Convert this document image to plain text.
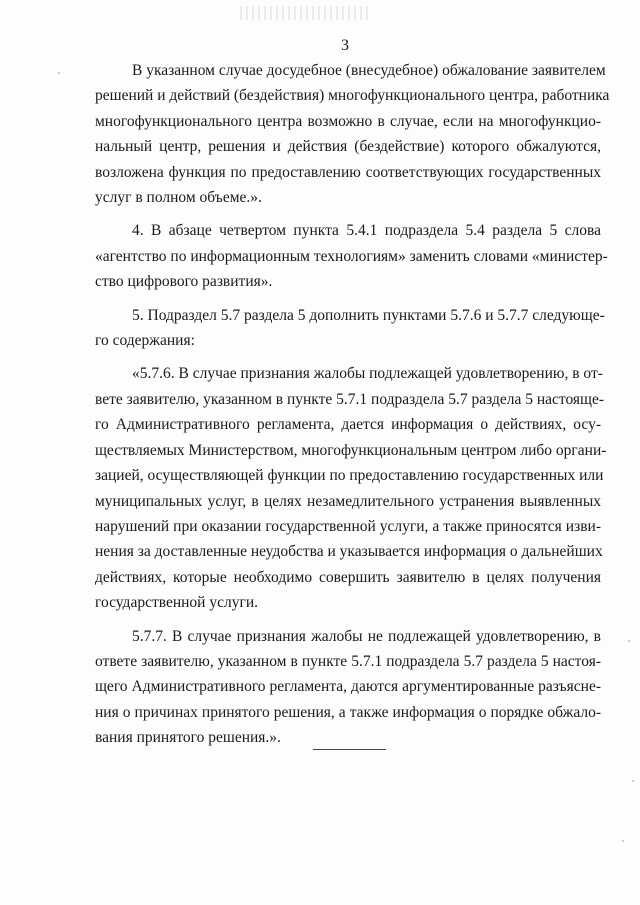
3
В указанном случае досудебное (внесудебное) обжалование заявителем
решений и действий (бездействия) многофункционального центра, работника
многофункционального центра возможно в случае, если на многофункцио-
нальный центр, решения и действия (бездействие) которого обжалуются,
возложена функция по предоставлению соответствующих государственных
услуг в полном объеме.».
4. В абзаце четвертом пункта 5.4.1 подраздела 5.4 раздела 5 слова
«агентство по информационным технологиям» заменить словами «министер-
ство цифрового развития».
5. Подраздел 5.7 раздела 5 дополнить пунктами 5.7.6 и 5.7.7 следующе-
го содержания:
«5.7.6. В случае признания жалобы подлежащей удовлетворению, в от-
вете заявителю, указанном в пункте 5.7.1 подраздела 5.7 раздела 5 настояще-
го Административного регламента, дается информация о действиях, осу-
ществляемых Министерством, многофункциональным центром либо органи-
зацией, осуществляющей функции по предоставлению государственных или
муниципальных услуг, в целях незамедлительного устранения выявленных
нарушений при оказании государственной услуги, а также приносятся изви-
нения за доставленные неудобства и указывается информация о дальнейших
действиях, которые необходимо совершить заявителю в целях получения
государственной услуги.
5.7.7. В случае признания жалобы не подлежащей удовлетворению, в
ответе заявителю, указанном в пункте 5.7.1 подраздела 5.7 раздела 5 настоя-
щего Административного регламента, даются аргументированные разъясне-
ния о причинах принятого решения, а также информация о порядке обжало-
вания принятого решения.».
